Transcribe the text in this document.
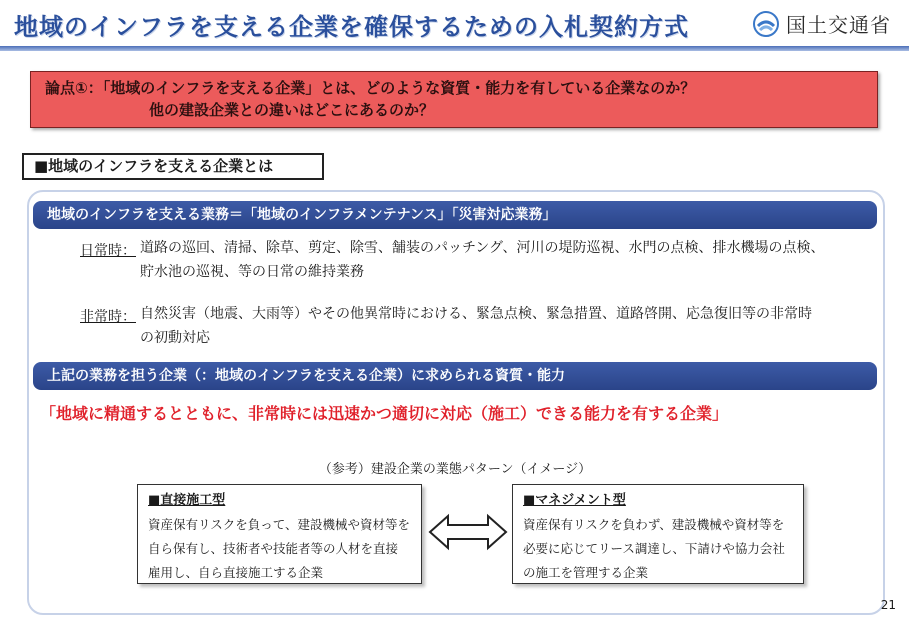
地域のインフラを支える企業を確保するための入札契約方式	国土交通省
論点①：「地域のインフラを支える企業」とは、どのような資質・能力を有している企業なのか？
他の建設企業との違いはどこにあるのか？
■地域のインフラを支える企業とは
地域のインフラを支える業務＝「地域のインフラメンテナンス」「災害対応業務」
日常時： 道路の巡回、清掃、除草、剪定、除雪、舗装のパッチング、河川の堤防巡視、水門の点検、排水機場の点検、
貯水池の巡視、等の日常の維持業務
非常時： 自然災害（地震、大雨等）やその他異常時における、緊急点検、緊急措置、道路啓開、応急復旧等の非常時
の初動対応
上記の業務を担う企業（：地域のインフラを支える企業）に求められる資質・能力
「地域に精通するとともに、非常時には迅速かつ適切に対応（施工）できる能力を有する企業」
（参考）建設企業の業態パターン（イメージ）
■直接施工型
資産保有リスクを負って、建設機械や資材等を
自ら保有し、技術者や技能者等の人材を直接
雇用し、自ら直接施工する企業
■マネジメント型
資産保有リスクを負わず、建設機械や資材等を
必要に応じてリース調達し、下請けや協力会社
の施工を管理する企業
21
